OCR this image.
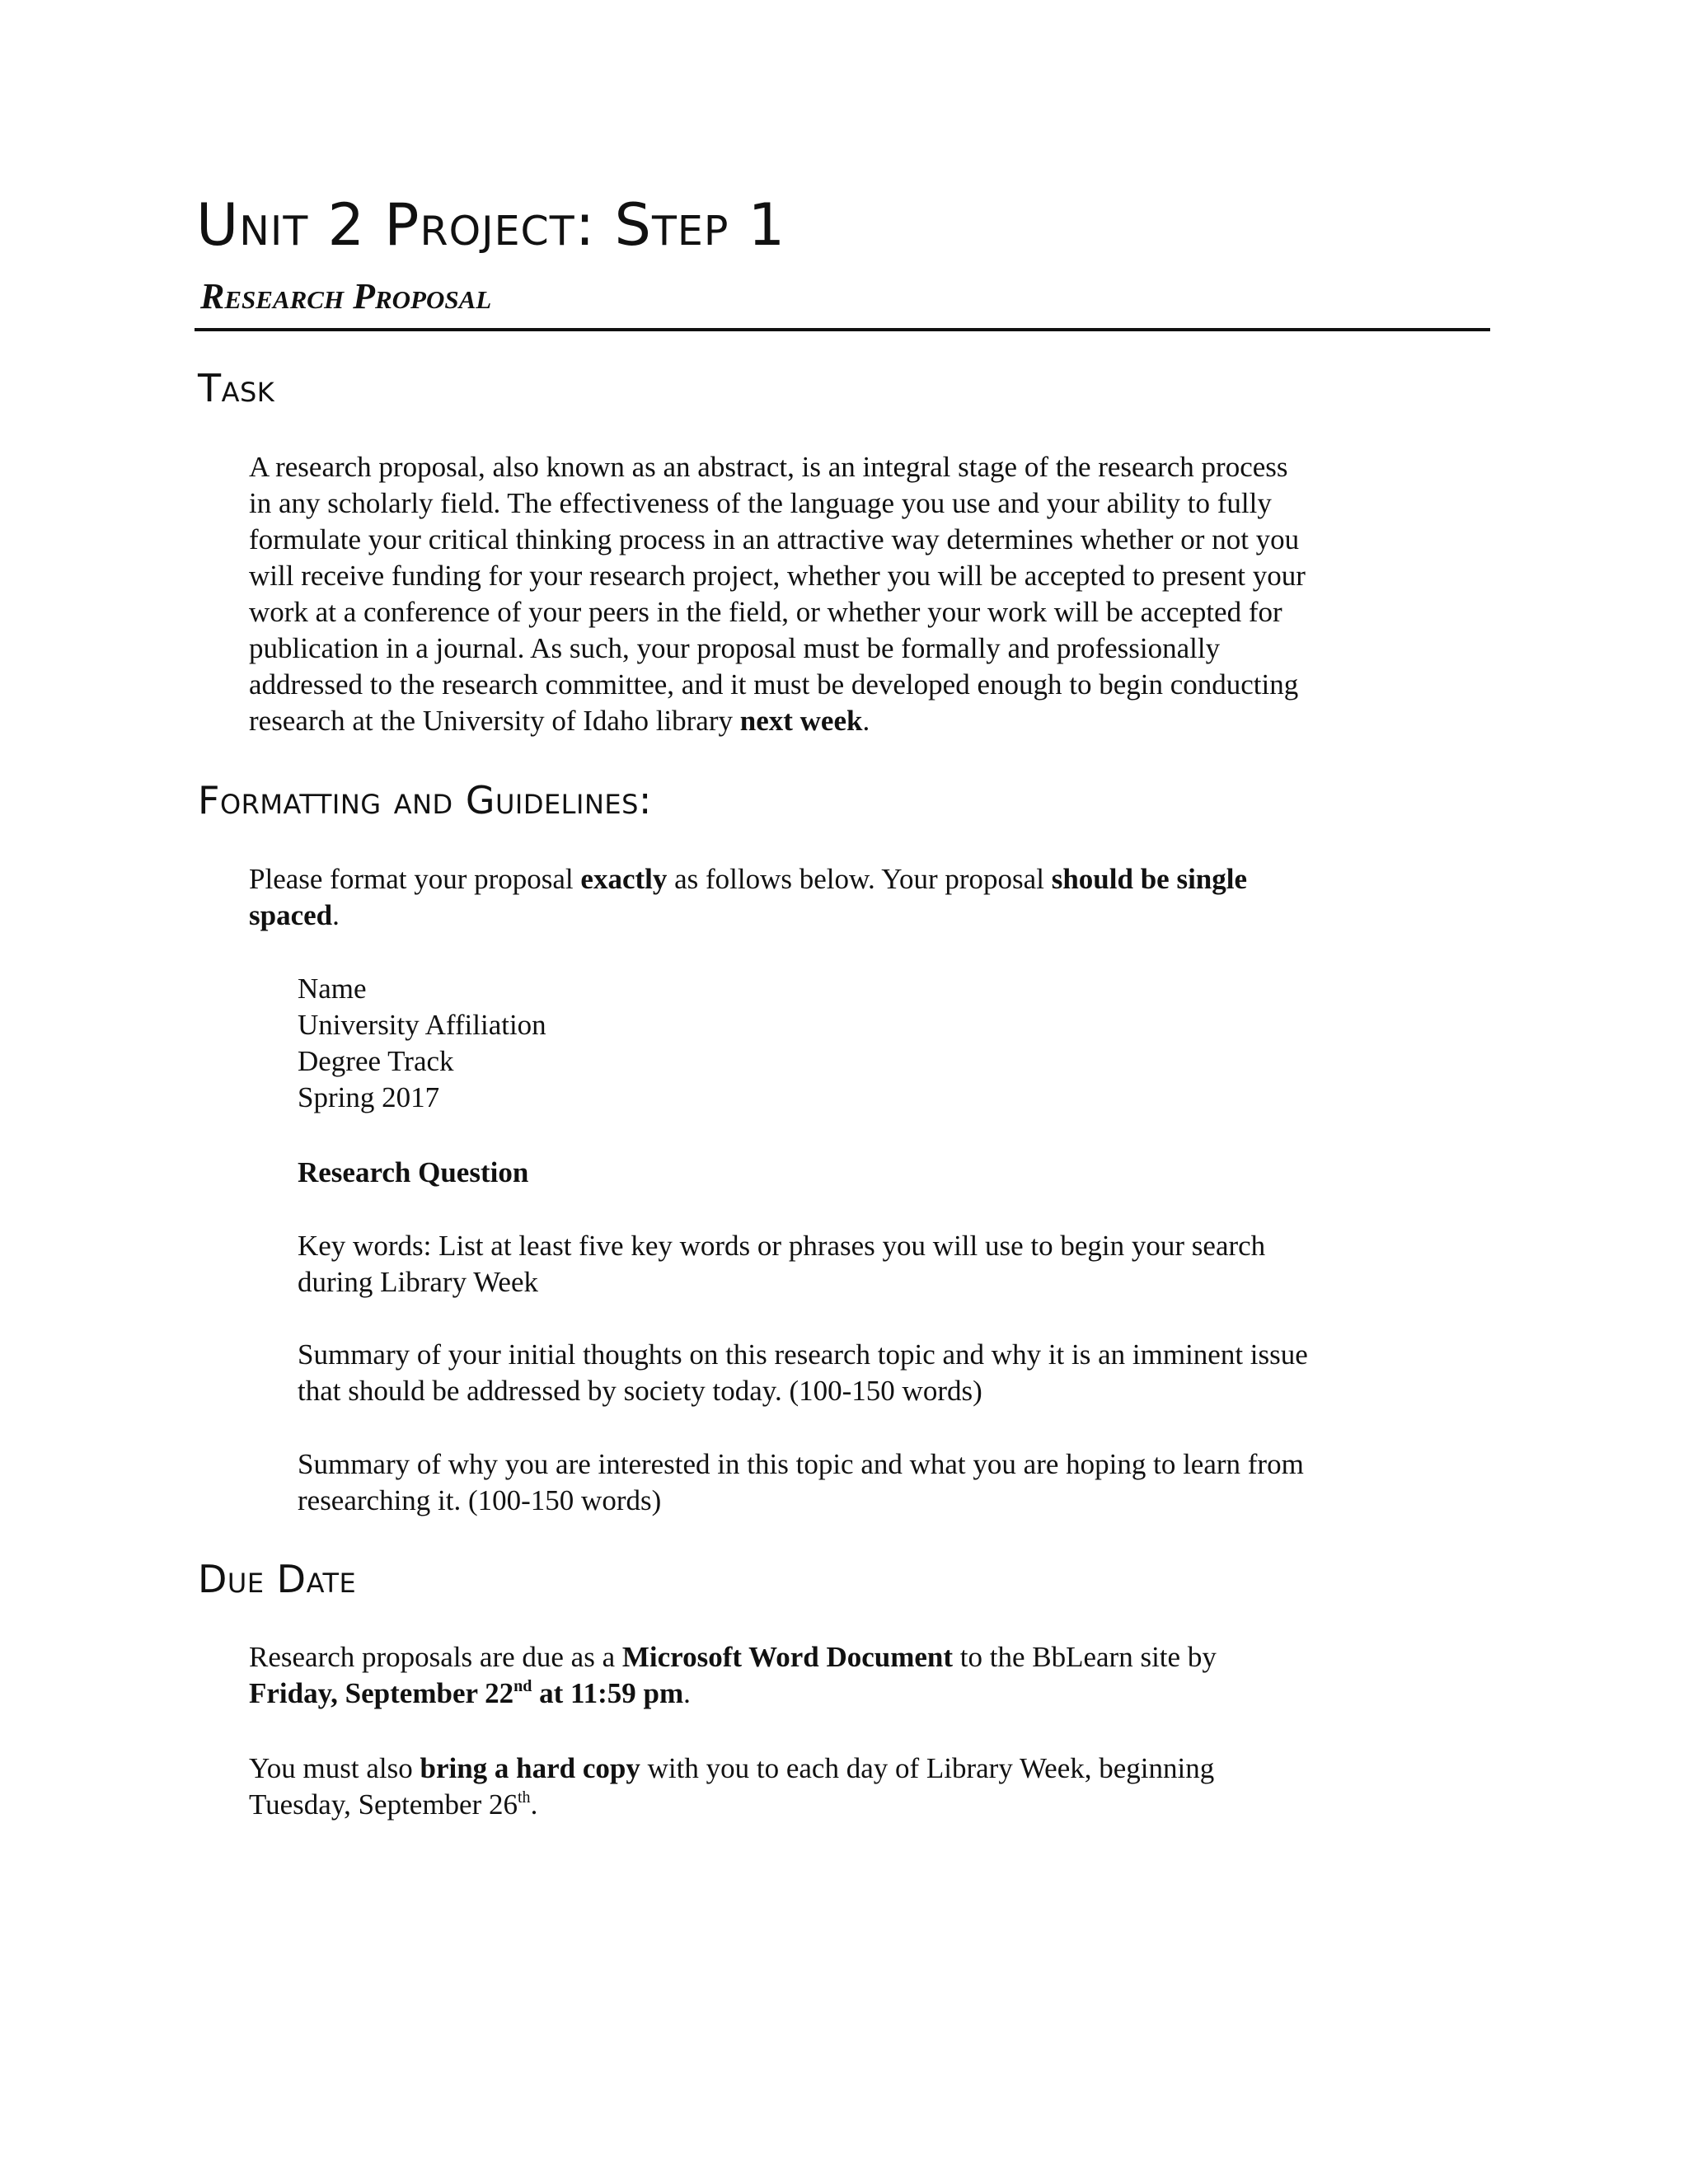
Unit 2 Project: Step 1
Research Proposal
Task
A research proposal, also known as an abstract, is an integral stage of the research process
in any scholarly field. The effectiveness of the language you use and your ability to fully
formulate your critical thinking process in an attractive way determines whether or not you
will receive funding for your research project, whether you will be accepted to present your
work at a conference of your peers in the field, or whether your work will be accepted for
publication in a journal. As such, your proposal must be formally and professionally
addressed to the research committee, and it must be developed enough to begin conducting
research at the University of Idaho library next week.
Formatting and Guidelines:
Please format your proposal exactly as follows below. Your proposal should be single
spaced.
Name
University Affiliation
Degree Track
Spring 2017
Research Question
Key words: List at least five key words or phrases you will use to begin your search
during Library Week
Summary of your initial thoughts on this research topic and why it is an imminent issue
that should be addressed by society today. (100-150 words)
Summary of why you are interested in this topic and what you are hoping to learn from
researching it. (100-150 words)
Due Date
Research proposals are due as a Microsoft Word Document to the BbLearn site by
Friday, September 22nd at 11:59 pm.
You must also bring a hard copy with you to each day of Library Week, beginning
Tuesday, September 26th.
